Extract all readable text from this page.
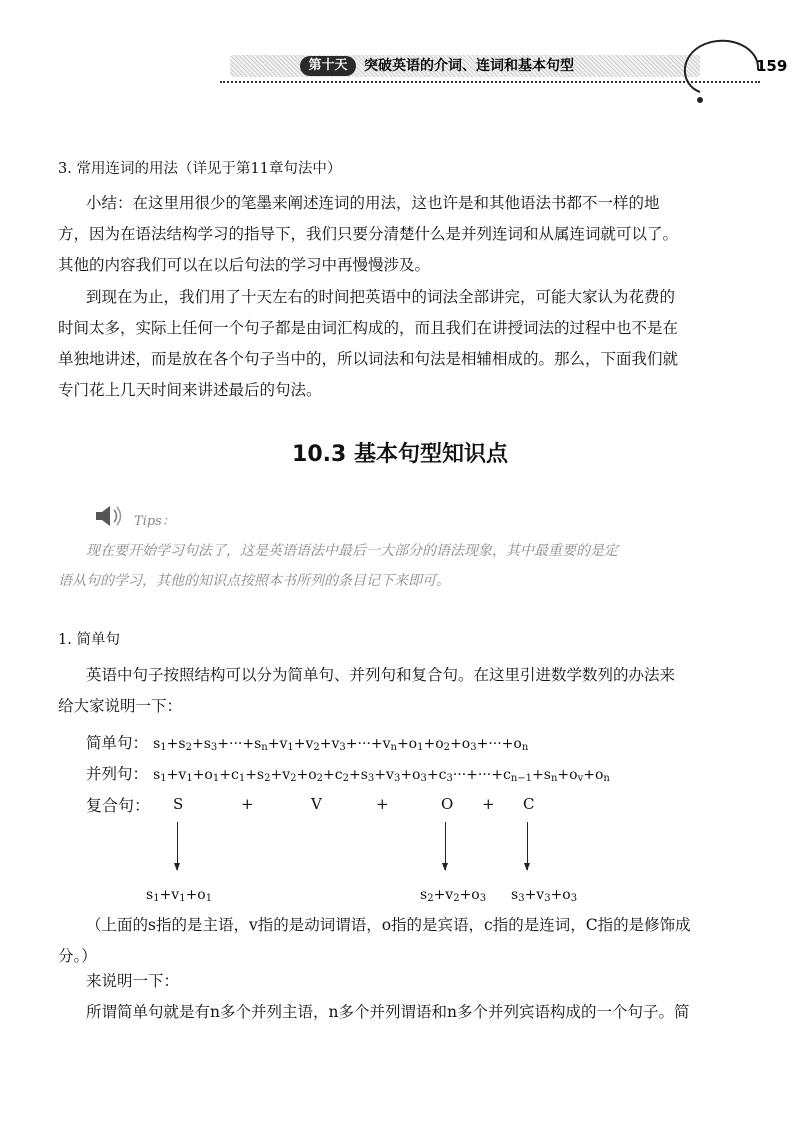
第十天	突破英语的介词、连词和基本句型	159

3. 常用连词的用法（详见于第11章句法中）

小结：在这里用很少的笔墨来阐述连词的用法，这也许是和其他语法书都不一样的地

方，因为在语法结构学习的指导下，我们只要分清楚什么是并列连词和从属连词就可以了。

其他的内容我们可以在以后句法的学习中再慢慢涉及。

到现在为止，我们用了十天左右的时间把英语中的词法全部讲完，可能大家认为花费的

时间太多，实际上任何一个句子都是由词汇构成的，而且我们在讲授词法的过程中也不是在

单独地讲述，而是放在各个句子当中的，所以词法和句法是相辅相成的。那么，下面我们就

专门花上几天时间来讲述最后的句法。

10.3 基本句型知识点
Tips：
现在要开始学习句法了，这是英语语法中最后一大部分的语法现象，其中最重要的是定
语从句的学习，其他的知识点按照本书所列的条目记下来即可。

1. 简单句

英语中句子按照结构可以分为简单句、并列句和复合句。在这里引进数学数列的办法来

给大家说明一下：

简单句： $s_1+s_2+s_3+\cdot\cdot\cdot+s_n+v_1+v_2+v_3+\cdot\cdot\cdot+v_n+o_1+o_2+o_3+\cdot\cdot\cdot+o_n$
并列句： $s_1+v_1+o_1+c_1+s_2+v_2+o_2+c_2+s_3+v_3+o_3+c_3\cdot\cdot\cdot+\cdot\cdot\cdot+c_{n-1}+s_n+o_v+o_n$
复合句： S	+	V	+	O + C
$s_1+v_1+o_1$	$s_2+v_2+o_3$ $s_3+v_3+o_3$

（上面的s指的是主语，v指的是动词谓语，o指的是宾语，c指的是连词，C指的是修饰成

分。）

来说明一下：

所谓简单句就是有n多个并列主语，n多个并列谓语和n多个并列宾语构成的一个句子。简
